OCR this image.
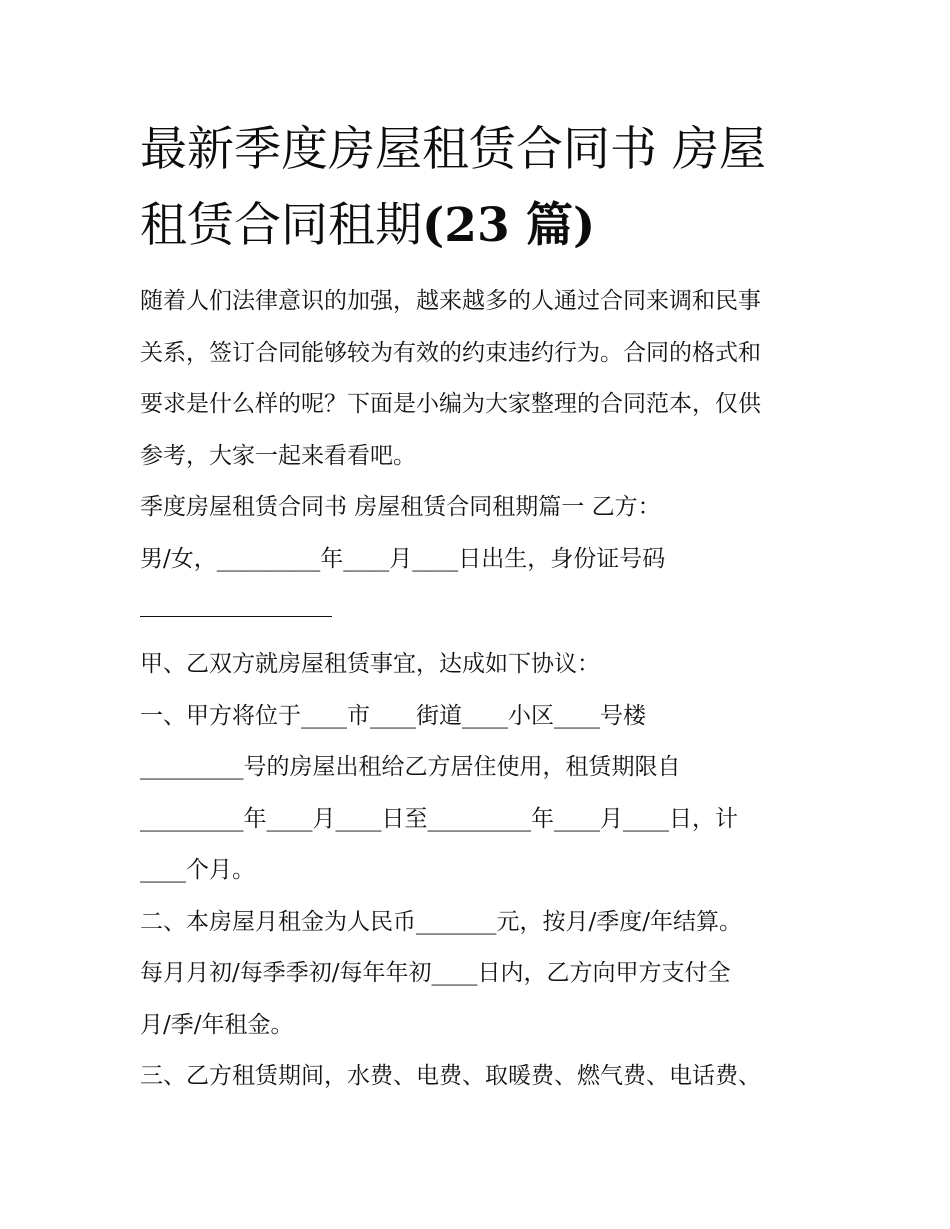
最新季度房屋租赁合同书 房屋
租赁合同租期(23 篇)
随着人们法律意识的加强，越来越多的人通过合同来调和民事
关系，签订合同能够较为有效的约束违约行为。合同的格式和
要求是什么样的呢？下面是小编为大家整理的合同范本，仅供
参考，大家一起来看看吧。
季度房屋租赁合同书 房屋租赁合同租期篇一 乙方：
男/女，_________年____月____日出生，身份证号码
甲、乙双方就房屋租赁事宜，达成如下协议：
一、甲方将位于____市____街道____小区____号楼
_________号的房屋出租给乙方居住使用，租赁期限自
_________年____月____日至_________年____月____日，计
____个月。
二、本房屋月租金为人民币_______元，按月/季度/年结算。
每月月初/每季季初/每年年初____日内，乙方向甲方支付全
月/季/年租金。
三、乙方租赁期间，水费、电费、取暖费、燃气费、电话费、
